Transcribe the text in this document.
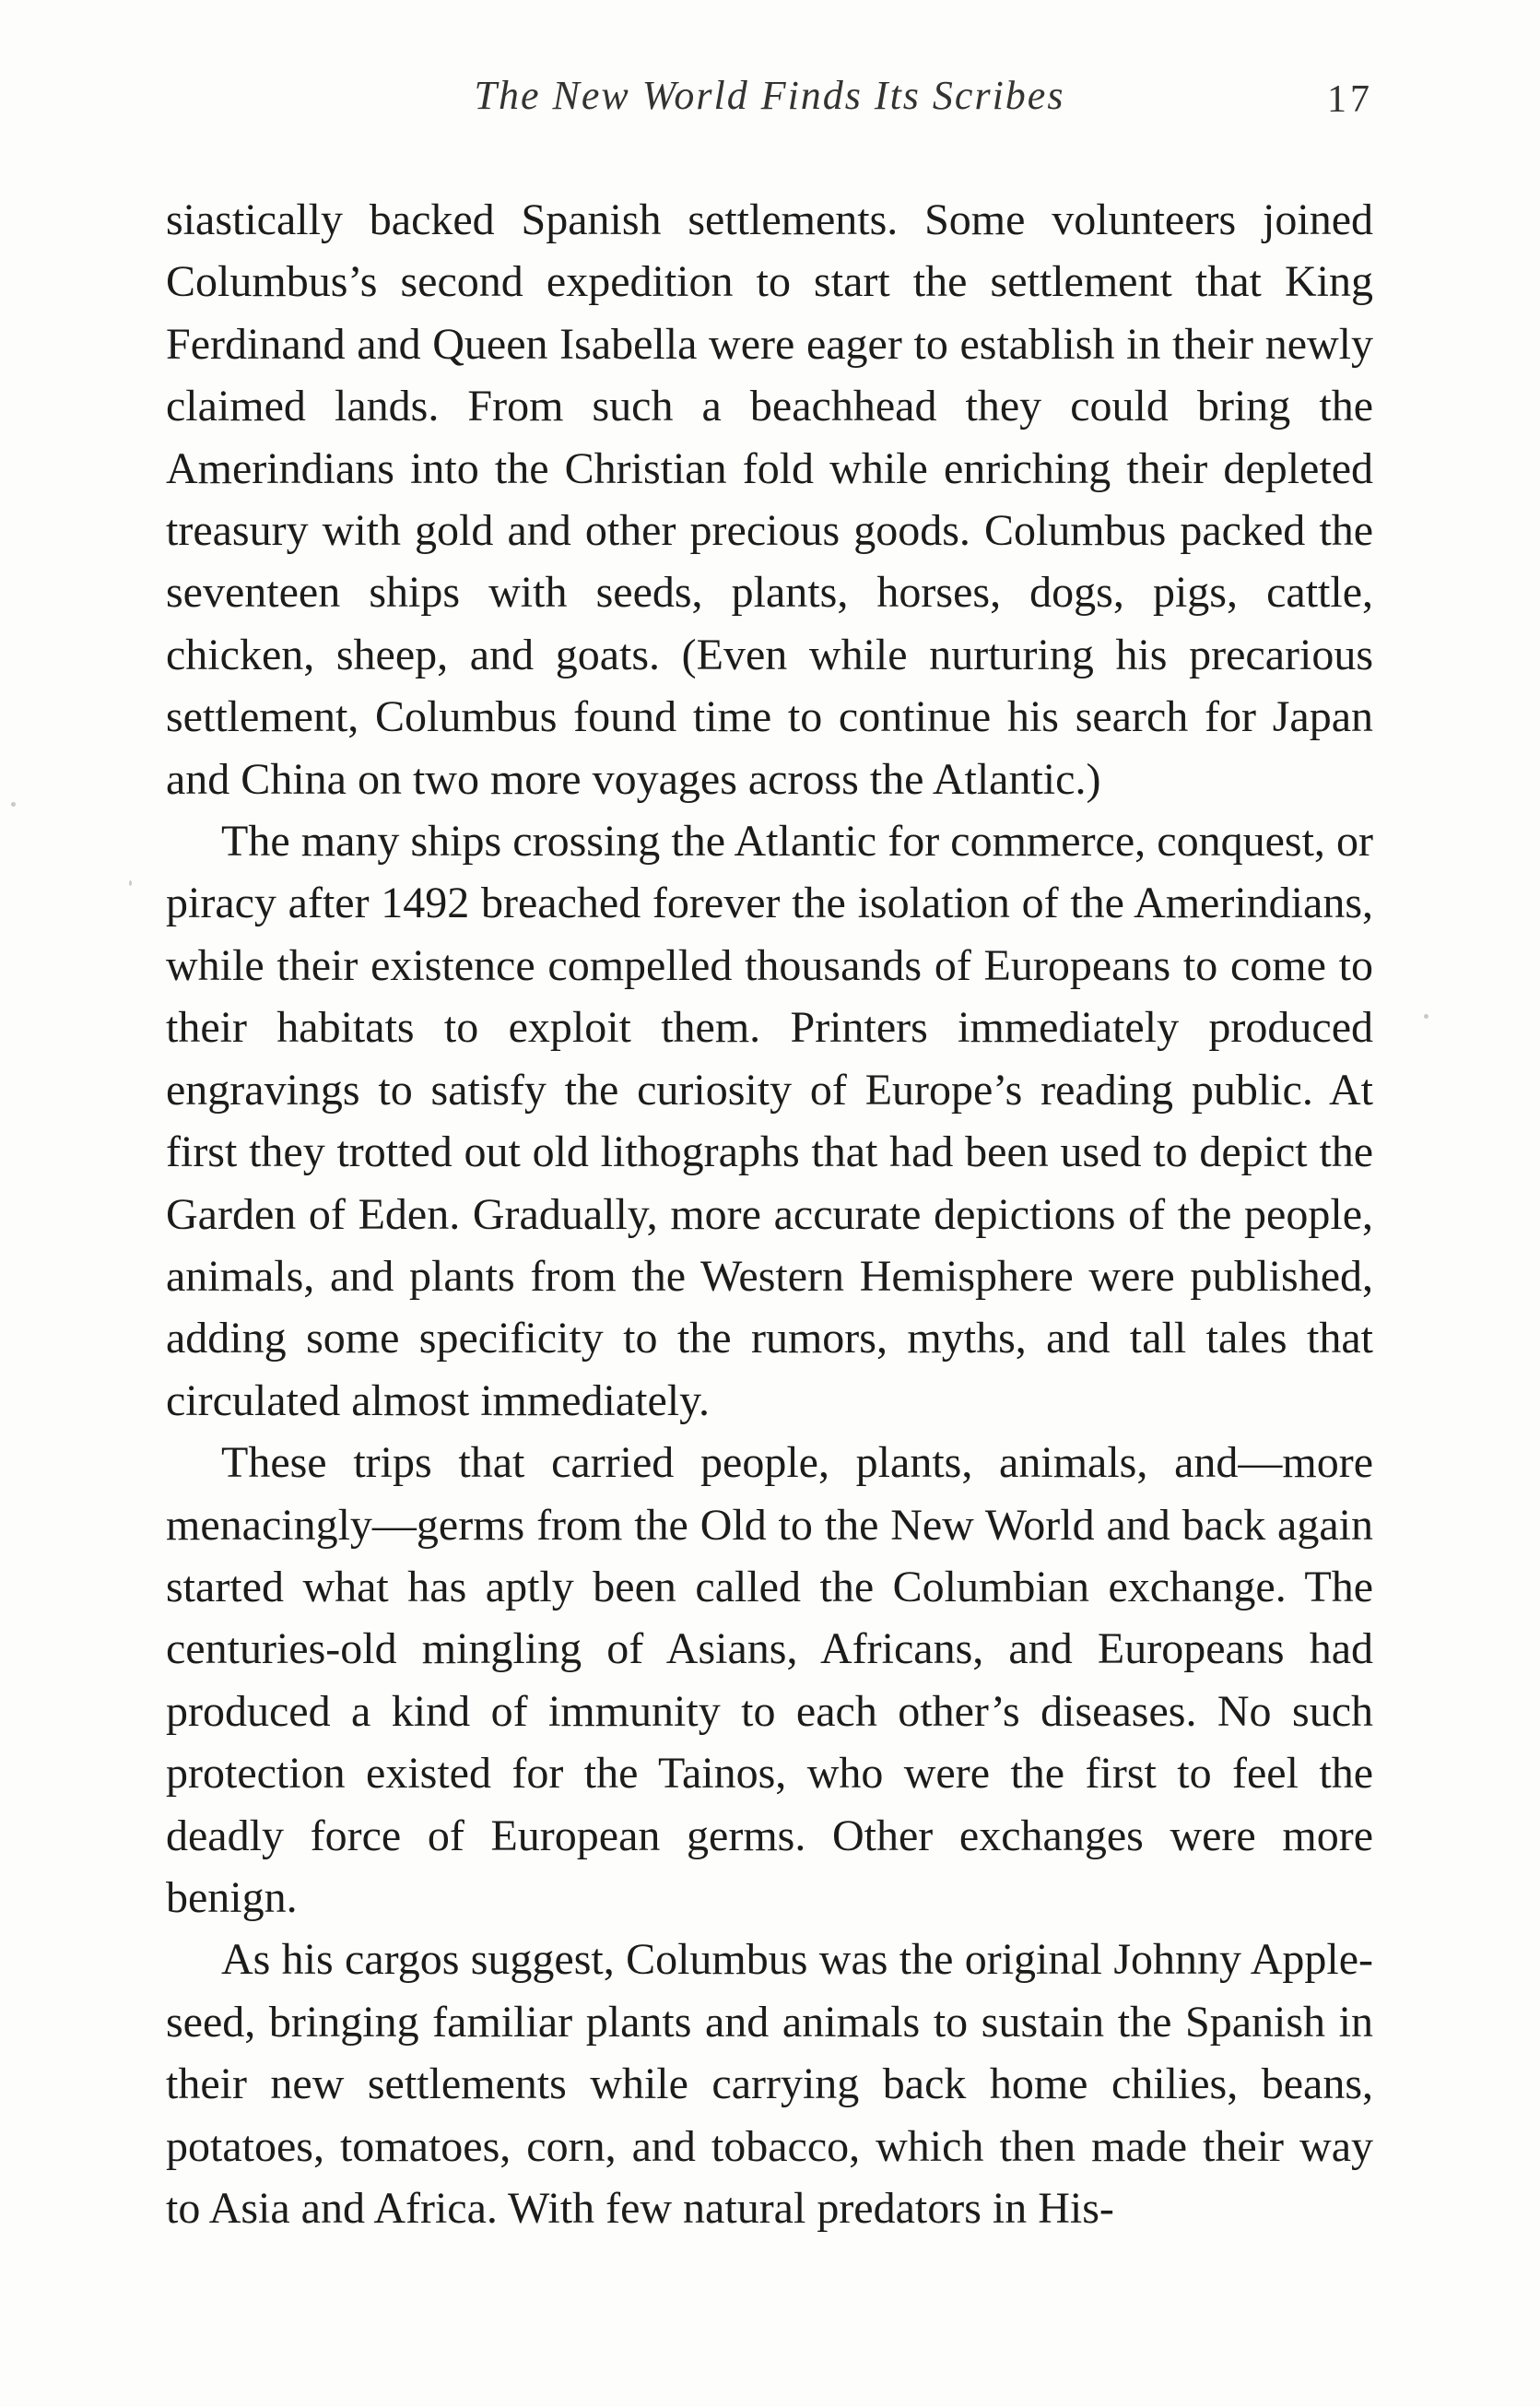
The New World Finds Its Scribes	17

siastically backed Spanish settlements. Some volunteers joined Columbus’s second expedition to start the settlement that King Ferdinand and Queen Isabella were eager to establish in their newly claimed lands. From such a beachhead they could bring the Amerindians into the Christian fold while enriching their depleted treasury with gold and other precious goods. Columbus packed the seventeen ships with seeds, plants, horses, dogs, pigs, cattle, chicken, sheep, and goats. (Even while nurturing his precarious settlement, Columbus found time to continue his search for Japan and China on two more voyages across the Atlantic.)

The many ships crossing the Atlantic for commerce, conquest, or piracy after 1492 breached forever the isolation of the Amerindians, while their existence compelled thousands of Europeans to come to their habitats to exploit them. Printers immediately produced engravings to satisfy the curiosity of Europe’s reading public. At first they trotted out old lithographs that had been used to depict the Garden of Eden. Gradually, more accurate depictions of the people, animals, and plants from the Western Hemisphere were published, adding some specificity to the rumors, myths, and tall tales that circulated almost immediately.

These trips that carried people, plants, animals, and—more menacingly—germs from the Old to the New World and back again started what has aptly been called the Columbian exchange. The centuries-old mingling of Asians, Africans, and Europeans had produced a kind of immunity to each other’s diseases. No such protection existed for the Tainos, who were the first to feel the deadly force of European germs. Other exchanges were more benign.

As his cargos suggest, Columbus was the original Johnny Appleseed, bringing familiar plants and animals to sustain the Spanish in their new settlements while carrying back home chilies, beans, potatoes, tomatoes, corn, and tobacco, which then made their way to Asia and Africa. With few natural predators in His-
